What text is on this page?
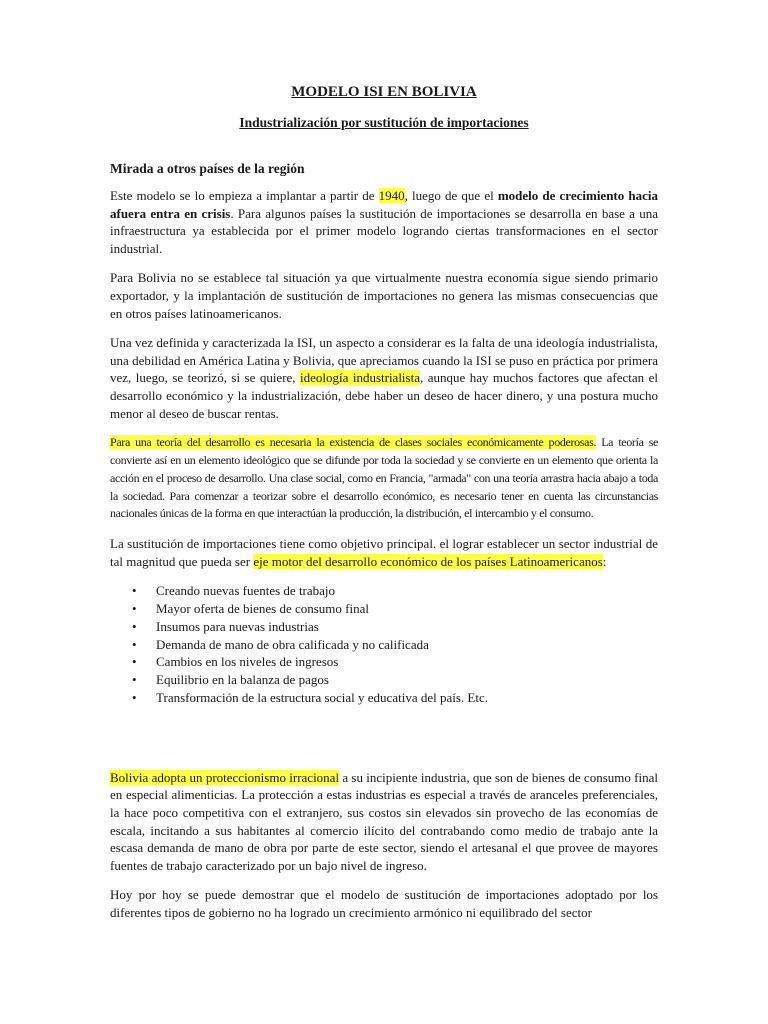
MODELO ISI EN BOLIVIA
Industrialización por sustitución de importaciones
Mirada a otros países de la región

Este modelo se lo empieza a implantar a partir de 1940, luego de que el modelo de crecimiento hacia afuera entra en crisis. Para algunos países la sustitución de importaciones se desarrolla en base a una infraestructura ya establecida por el primer modelo logrando ciertas transformaciones en el sector industrial.

Para Bolivia no se establece tal situación ya que virtualmente nuestra economía sigue siendo primario exportador, y la implantación de sustitución de importaciones no genera las mismas consecuencias que en otros países latinoamericanos.

Una vez definida y caracterizada la ISI, un aspecto a considerar es la falta de una ideología industrialista, una debilidad en América Latina y Bolivia, que apreciamos cuando la ISI se puso en práctica por primera vez, luego, se teorizó, si se quiere, ideología industrialista, aunque hay muchos factores que afectan el desarrollo económico y la industrialización, debe haber un deseo de hacer dinero, y una postura mucho menor al deseo de buscar rentas.

Para una teoría del desarrollo es necesaria la existencia de clases sociales económicamente poderosas. La teoría se convierte así en un elemento ideológico que se difunde por toda la sociedad y se convierte en un elemento que orienta la acción en el proceso de desarrollo. Una clase social, como en Francia, "armada" con una teoría arrastra hacia abajo a toda la sociedad. Para comenzar a teorizar sobre el desarrollo económico, es necesario tener en cuenta las circunstancias nacionales únicas de la forma en que interactúan la producción, la distribución, el intercambio y el consumo.

La sustitución de importaciones tiene como objetivo principal. el lograr establecer un sector industrial de tal magnitud que pueda ser eje motor del desarrollo económico de los países Latinoamericanos:

• Creando nuevas fuentes de trabajo
• Mayor oferta de bienes de consumo final
• Insumos para nuevas industrias
• Demanda de mano de obra calificada y no calificada
• Cambios en los niveles de ingresos
• Equilibrio en la balanza de pagos
• Transformación de la estructura social y educativa del país. Etc.

Bolivia adopta un proteccionismo irracional a su incipiente industria, que son de bienes de consumo final en especial alimenticias. La protección a estas industrias es especial a través de aranceles preferenciales, la hace poco competitiva con el extranjero, sus costos sin elevados sin provecho de las economías de escala, incitando a sus habitantes al comercio ilícito del contrabando como medio de trabajo ante la escasa demanda de mano de obra por parte de este sector, siendo el artesanal el que provee de mayores fuentes de trabajo caracterizado por un bajo nivel de ingreso.

Hoy por hoy se puede demostrar que el modelo de sustitución de importaciones adoptado por los diferentes tipos de gobierno no ha logrado un crecimiento armónico ni equilibrado del sector
